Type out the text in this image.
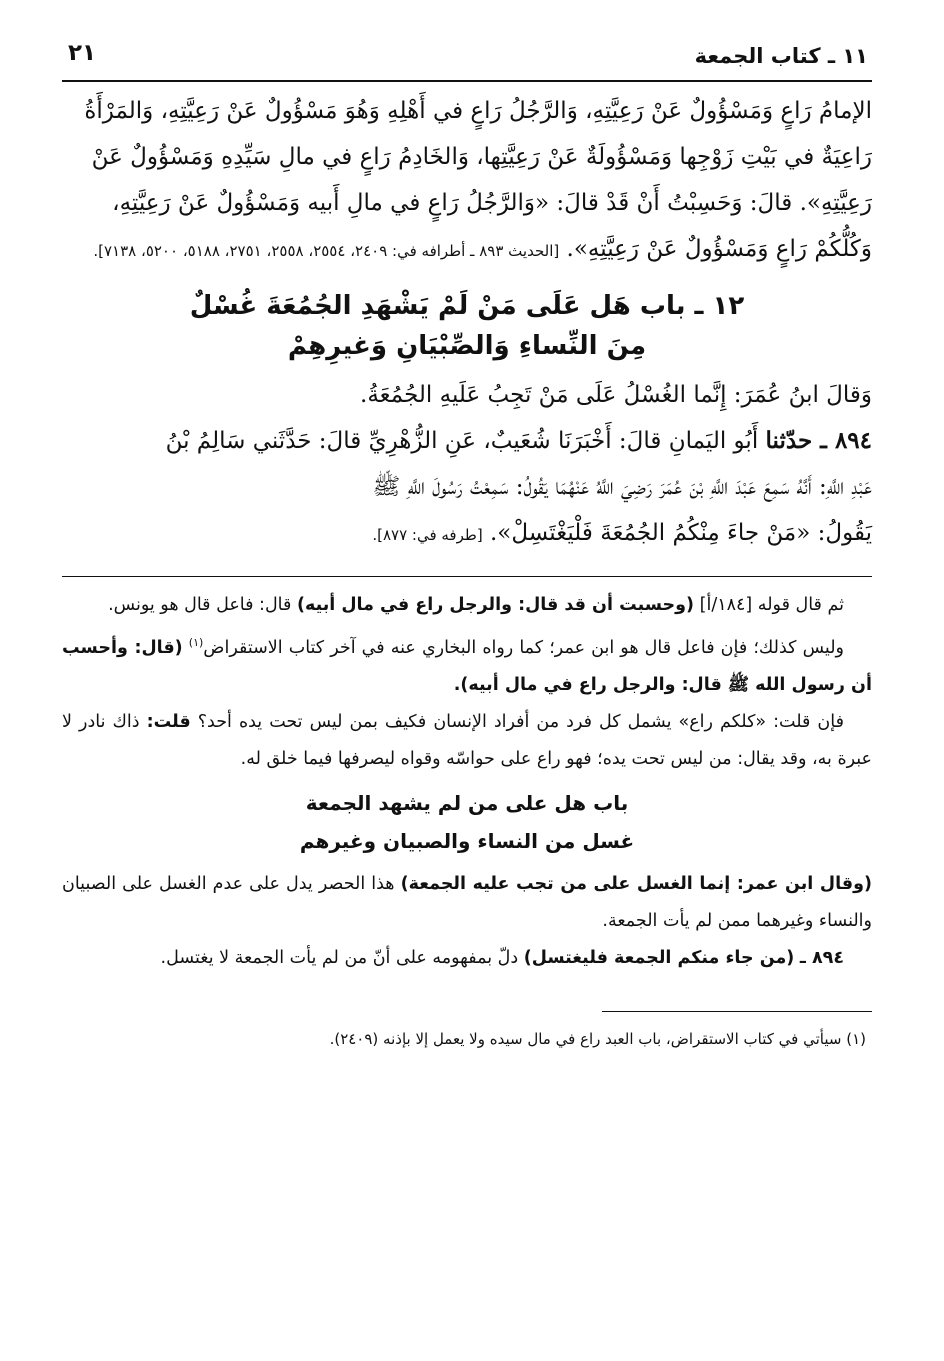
١١ ـ كتاب الجمعة
٢١

الإمامُ رَاعٍ وَمَسْؤُولٌ عَنْ رَعِيَّتِهِ، وَالرَّجُلُ رَاعٍ في أَهْلِهِ وَهُوَ مَسْؤُولٌ عَنْ رَعِيَّتِهِ، وَالمَرْأَةُ

رَاعِيَةٌ في بَيْتِ زَوْجِها وَمَسْؤُولَةٌ عَنْ رَعِيَّتِها، وَالخَادِمُ رَاعٍ في مالِ سَيِّدِهِ وَمَسْؤُولٌ عَنْ

رَعِيَّتِهِ». قالَ: وَحَسِبْتُ أَنْ قَدْ قالَ: «وَالرَّجُلُ رَاعٍ في مالِ أَبيه وَمَسْؤُولٌ عَنْ رَعِيَّتِهِ،

وَكُلُّكُمْ رَاعٍ وَمَسْؤُولٌ عَنْ رَعِيَّتِهِ». [الحديث ٨٩٣ ـ أطرافه في: ٢٤٠٩، ٢٥٥٤، ٢٥٥٨، ٢٧٥١، ٥١٨٨، ٥٢٠٠، ٧١٣٨].

١٢ ـ باب هَل عَلَى مَنْ لَمْ يَشْهَدِ الجُمُعَةَ غُسْلٌ
مِنَ النِّساءِ وَالصِّبْيَانِ وَغيرِهِمْ

وَقالَ ابنُ عُمَرَ: إِنَّما الغُسْلُ عَلَى مَنْ تَجِبُ عَلَيهِ الجُمُعَةُ.

٨٩٤ ـ حدّثنا أَبُو اليَمانِ قالَ: أَخْبَرَنَا شُعَيبٌ، عَنِ الزُّهْرِيِّ قالَ: حَدَّثَني سَالِمُ بْنُ

عَبْدِ اللَّهِ: أَنَّهُ سَمِعَ عَبْدَ اللَّهِ بْنَ عُمَرَ رَضِيَ اللَّهُ عَنْهُمَا يَقُولُ: سَمِعْتُ رَسُولَ اللَّهِ ﷺ

يَقُولُ: «مَنْ جاءَ مِنْكُمُ الجُمُعَةَ فَلْيَغْتَسِلْ». [طرفه في: ٨٧٧].

ثم قال قوله [١٨٤/أ] (وحسبت أن قد قال: والرجل راع في مال أبيه) قال: فاعل قال هو يونس.

وليس كذلك؛ فإن فاعل قال هو ابن عمر؛ كما رواه البخاري عنه في آخر كتاب الاستقراض$^{(١)}$ (قال: وأحسب أن رسول الله ﷺ قال: والرجل راع في مال أبيه).

فإن قلت: «كلكم راع» يشمل كل فرد من أفراد الإنسان فكيف بمن ليس تحت يده أحد؟ قلت: ذاك نادر لا عبرة به، وقد يقال: من ليس تحت يده؛ فهو راع على حواسّه وقواه ليصرفها فيما خلق له.

باب هل على من لم يشهد الجمعة
غسل من النساء والصبيان وغيرهم

(وقال ابن عمر: إنما الغسل على من تجب عليه الجمعة) هذا الحصر يدل على عدم الغسل على الصبيان والنساء وغيرهما ممن لم يأت الجمعة.

٨٩٤ ـ (من جاء منكم الجمعة فليغتسل) دلّ بمفهومه على أنّ من لم يأت الجمعة لا يغتسل.

(١) سيأتي في كتاب الاستقراض، باب العبد راع في مال سيده ولا يعمل إلا بإذنه (٢٤٠٩).
